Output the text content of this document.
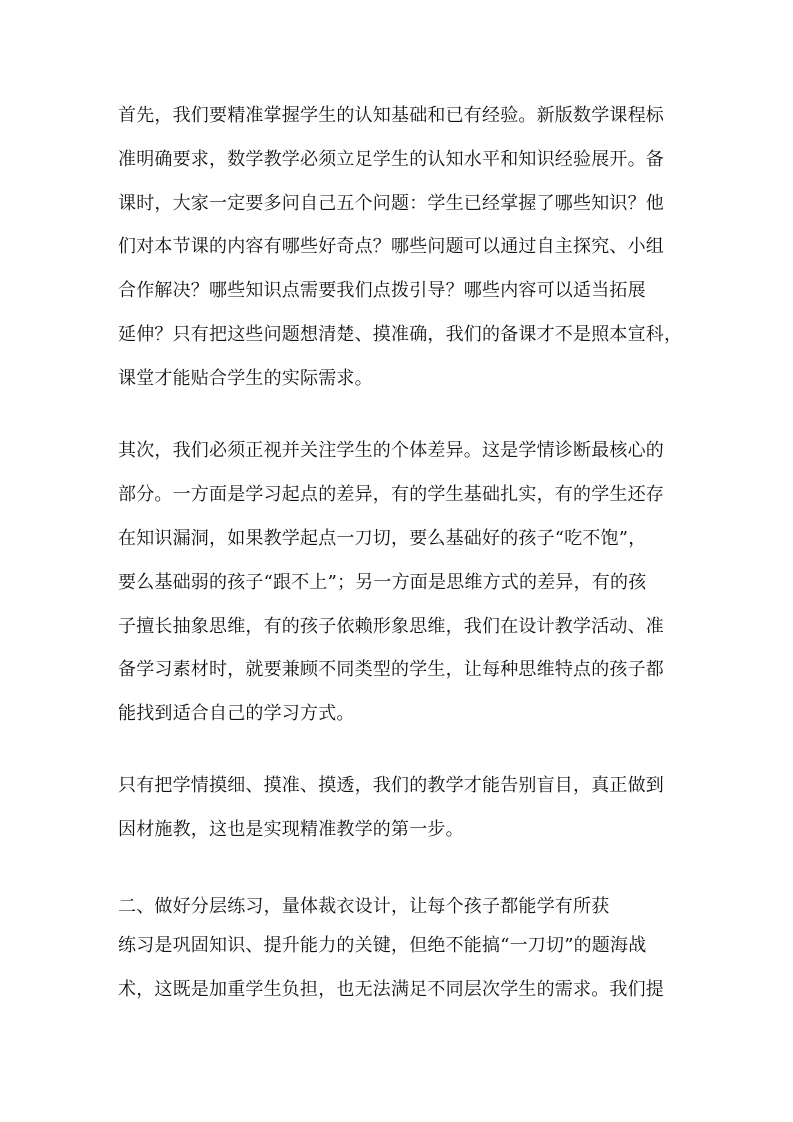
首先，我们要精准掌握学生的认知基础和已有经验。新版数学课程标

准明确要求，数学教学必须立足学生的认知水平和知识经验展开。备

课时，大家一定要多问自己五个问题：学生已经掌握了哪些知识？他

们对本节课的内容有哪些好奇点？哪些问题可以通过自主探究、小组

合作解决？哪些知识点需要我们点拨引导？哪些内容可以适当拓展

延伸？只有把这些问题想清楚、摸准确，我们的备课才不是照本宣科，

课堂才能贴合学生的实际需求。

其次，我们必须正视并关注学生的个体差异。这是学情诊断最核心的

部分。一方面是学习起点的差异，有的学生基础扎实，有的学生还存

在知识漏洞，如果教学起点一刀切，要么基础好的孩子“吃不饱”，

要么基础弱的孩子“跟不上”；另一方面是思维方式的差异，有的孩

子擅长抽象思维，有的孩子依赖形象思维，我们在设计教学活动、准

备学习素材时，就要兼顾不同类型的学生，让每种思维特点的孩子都

能找到适合自己的学习方式。

只有把学情摸细、摸准、摸透，我们的教学才能告别盲目，真正做到

因材施教，这也是实现精准教学的第一步。

二、做好分层练习，量体裁衣设计，让每个孩子都能学有所获

练习是巩固知识、提升能力的关键，但绝不能搞“一刀切”的题海战

术，这既是加重学生负担，也无法满足不同层次学生的需求。我们提
